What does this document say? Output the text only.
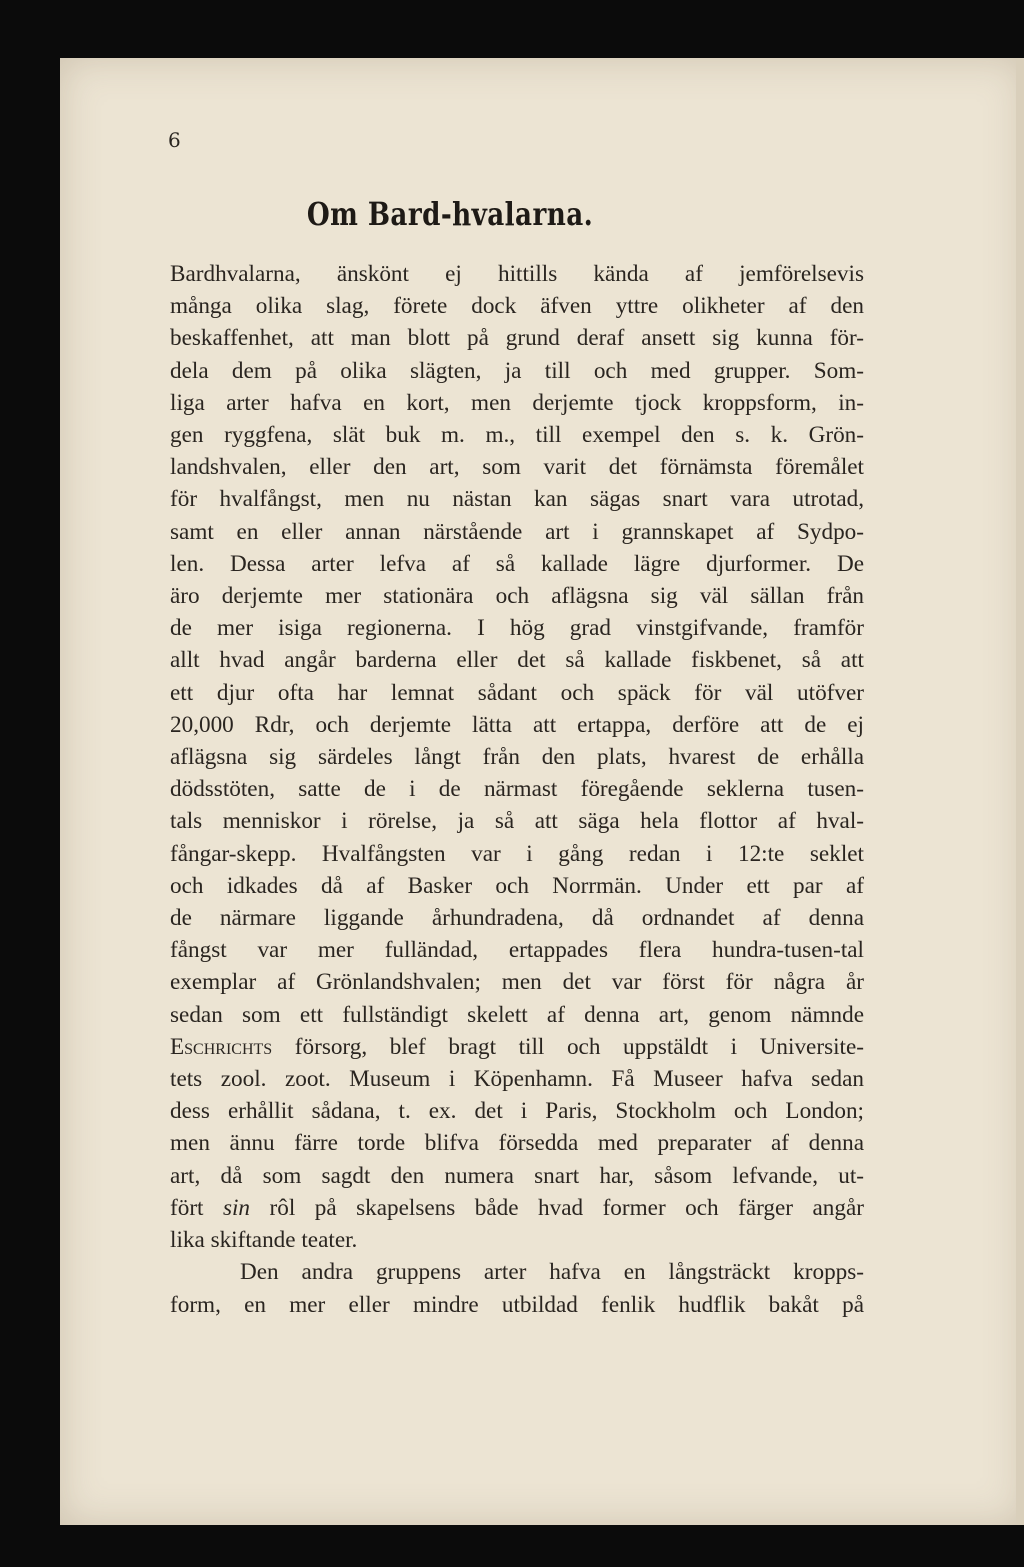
6
Om Bard-hvalarna.
Bardhvalarna, änskönt ej hittills kända af jemförelsevis
många olika slag, förete dock äfven yttre olikheter af den
beskaffenhet, att man blott på grund deraf ansett sig kunna för-
dela dem på olika slägten, ja till och med grupper. Som-
liga arter hafva en kort, men derjemte tjock kroppsform, in-
gen ryggfena, slät buk m. m., till exempel den s. k. Grön-
landshvalen, eller den art, som varit det förnämsta föremålet
för hvalfångst, men nu nästan kan sägas snart vara utrotad,
samt en eller annan närstående art i grannskapet af Sydpo-
len. Dessa arter lefva af så kallade lägre djurformer. De
äro derjemte mer stationära och aflägsna sig väl sällan från
de mer isiga regionerna. I hög grad vinstgifvande, framför
allt hvad angår barderna eller det så kallade fiskbenet, så att
ett djur ofta har lemnat sådant och späck för väl utöfver
20,000 Rdr, och derjemte lätta att ertappa, derföre att de ej
aflägsna sig särdeles långt från den plats, hvarest de erhålla
dödsstöten, satte de i de närmast föregående seklerna tusen-
tals menniskor i rörelse, ja så att säga hela flottor af hval-
fångar-skepp. Hvalfångsten var i gång redan i 12:te seklet
och idkades då af Basker och Norrmän. Under ett par af
de närmare liggande århundradena, då ordnandet af denna
fångst var mer fulländad, ertappades flera hundra-tusen-tal
exemplar af Grönlandshvalen; men det var först för några år
sedan som ett fullständigt skelett af denna art, genom nämnde
Eschrichts försorg, blef bragt till och uppstäldt i Universite-
tets zool. zoot. Museum i Köpenhamn. Få Museer hafva sedan
dess erhållit sådana, t. ex. det i Paris, Stockholm och London;
men ännu färre torde blifva försedda med preparater af denna
art, då som sagdt den numera snart har, såsom lefvande, ut-
fört sin rôl på skapelsens både hvad former och färger angår
lika skiftande teater.
Den andra gruppens arter hafva en långsträckt kropps-
form, en mer eller mindre utbildad fenlik hudflik bakåt på
